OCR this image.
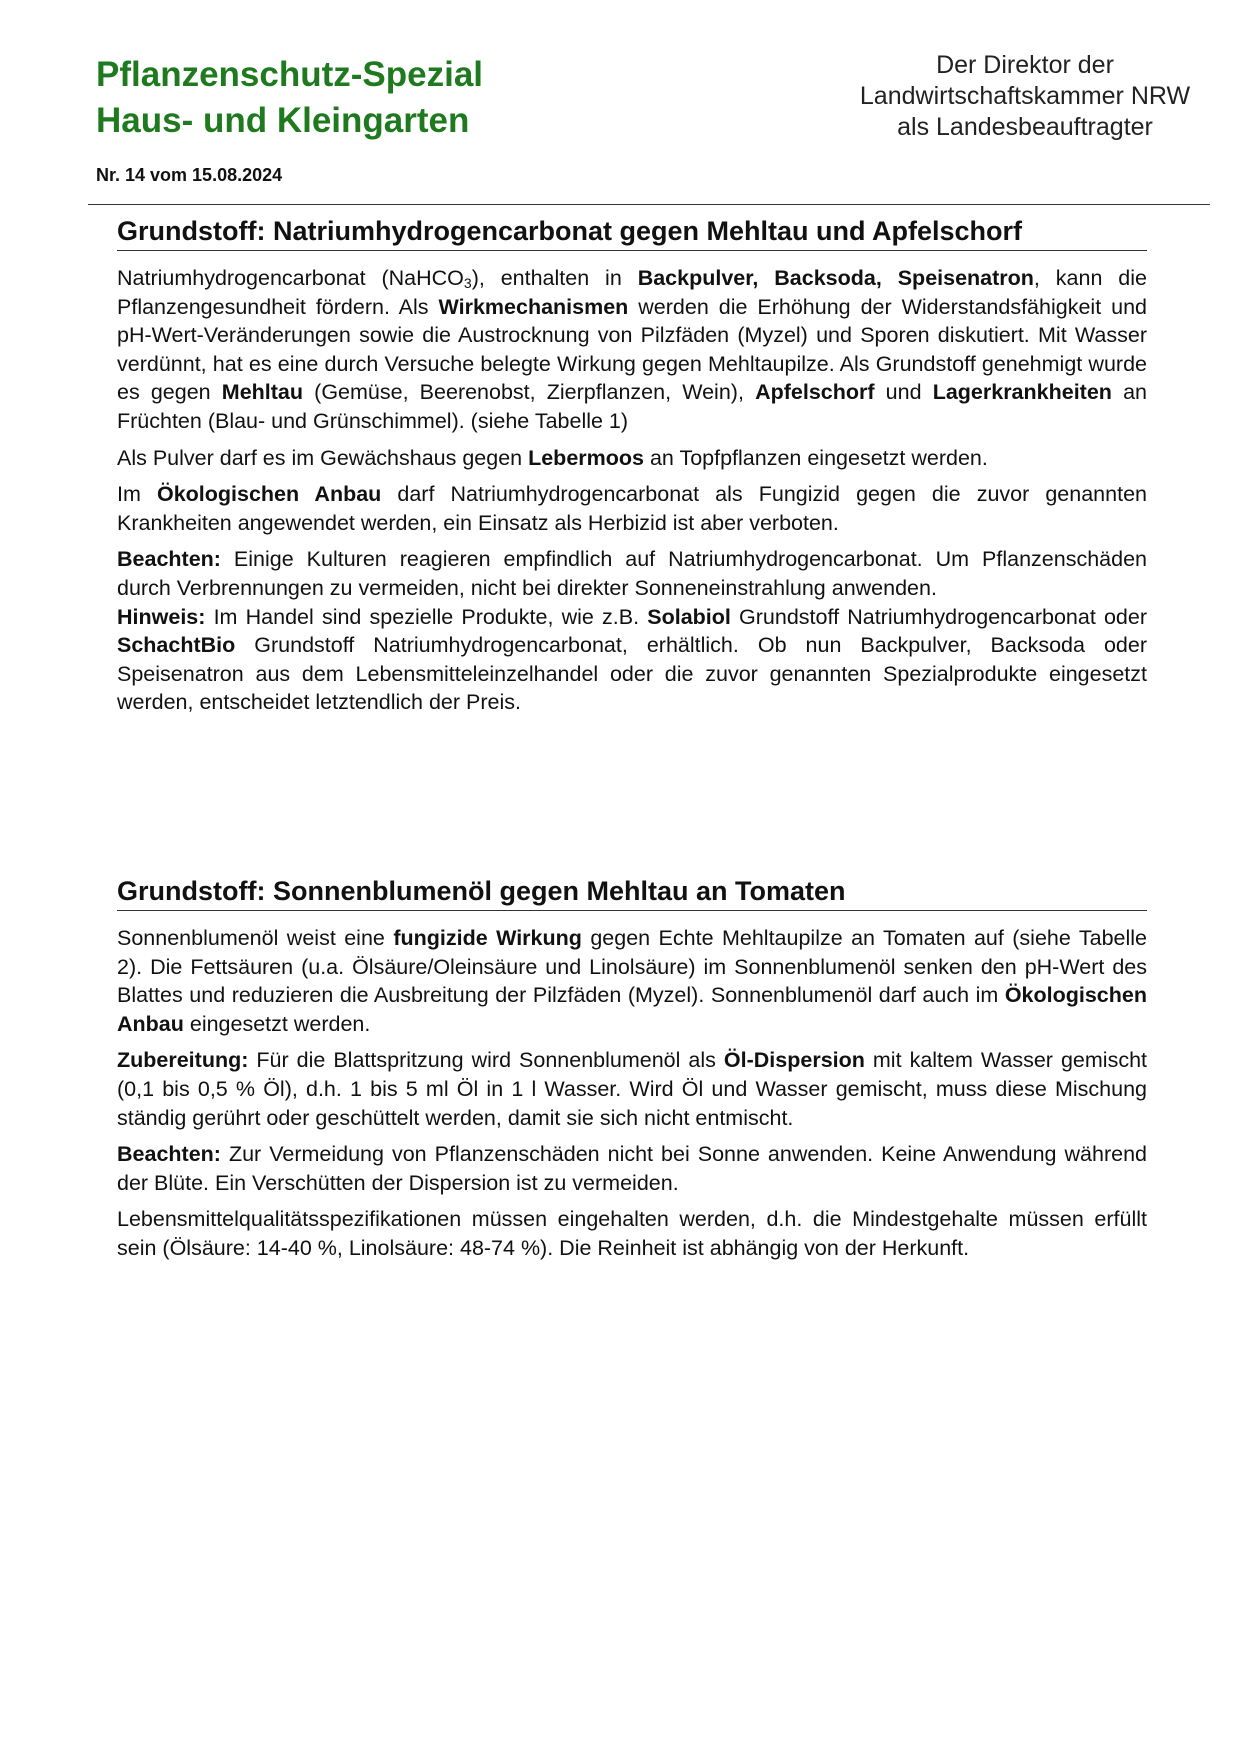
Pflanzenschutz-Spezial

Haus- und Kleingarten

Nr. 14 vom 15.08.2024
Der Direktor der
Landwirtschaftskammer NRW
als Landesbeauftragter
Grundstoff: Natriumhydrogencarbonat gegen Mehltau und Apfelschorf

Natriumhydrogencarbonat (NaHCO$_3$), enthalten in Backpulver, Backsoda, Speisenatron, kann die Pflanzengesundheit fördern. Als Wirkmechanismen werden die Erhöhung der Widerstandsfähigkeit und pH-Wert-Veränderungen sowie die Austrocknung von Pilzfäden (Myzel) und Sporen diskutiert. Mit Wasser verdünnt, hat es eine durch Versuche belegte Wirkung gegen Mehltaupilze. Als Grundstoff genehmigt wurde es gegen Mehltau (Gemüse, Beerenobst, Zierpflanzen, Wein), Apfelschorf und Lagerkrankheiten an Früchten (Blau- und Grünschimmel). (siehe Tabelle 1)

Als Pulver darf es im Gewächshaus gegen Lebermoos an Topfpflanzen eingesetzt werden.

Im Ökologischen Anbau darf Natriumhydrogencarbonat als Fungizid gegen die zuvor genannten Krankheiten angewendet werden, ein Einsatz als Herbizid ist aber verboten.

Beachten: Einige Kulturen reagieren empfindlich auf Natriumhydrogencarbonat. Um Pflanzenschäden durch Verbrennungen zu vermeiden, nicht bei direkter Sonneneinstrahlung anwenden.

Hinweis: Im Handel sind spezielle Produkte, wie z.B. Solabiol Grundstoff Natriumhydrogencarbonat oder SchachtBio Grundstoff Natriumhydrogencarbonat, erhältlich. Ob nun Backpulver, Backsoda oder Speisenatron aus dem Lebensmitteleinzelhandel oder die zuvor genannten Spezialprodukte eingesetzt werden, entscheidet letztendlich der Preis.

Grundstoff: Sonnenblumenöl gegen Mehltau an Tomaten

Sonnenblumenöl weist eine fungizide Wirkung gegen Echte Mehltaupilze an Tomaten auf (siehe Tabelle 2). Die Fettsäuren (u.a. Ölsäure/Oleinsäure und Linolsäure) im Sonnenblumenöl senken den pH-Wert des Blattes und reduzieren die Ausbreitung der Pilzfäden (Myzel). Sonnenblumenöl darf auch im Ökologischen Anbau eingesetzt werden.

Zubereitung: Für die Blattspritzung wird Sonnenblumenöl als Öl-Dispersion mit kaltem Wasser gemischt (0,1 bis 0,5 % Öl), d.h. 1 bis 5 ml Öl in 1 l Wasser. Wird Öl und Wasser gemischt, muss diese Mischung ständig gerührt oder geschüttelt werden, damit sie sich nicht entmischt.

Beachten: Zur Vermeidung von Pflanzenschäden nicht bei Sonne anwenden. Keine Anwendung während der Blüte. Ein Verschütten der Dispersion ist zu vermeiden.

Lebensmittelqualitätsspezifikationen müssen eingehalten werden, d.h. die Mindestgehalte müssen erfüllt sein (Ölsäure: 14-40 %, Linolsäure: 48-74 %). Die Reinheit ist abhängig von der Herkunft.
